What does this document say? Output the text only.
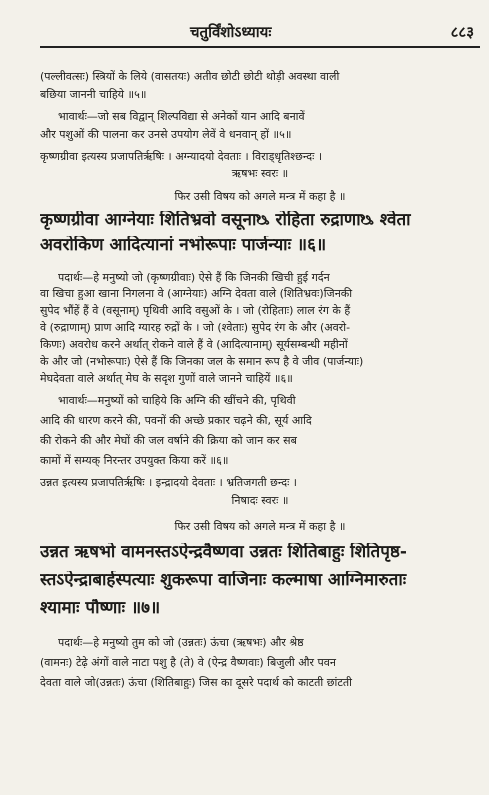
चतुर्विंशोऽध्यायः	८८३
(पल्लीवत्सः) स्त्रियों के लिये (वासतयः) अतीव छोटी छोटी थोड़ी अवस्था वाली
बछिया जाननी चाहिये ॥५॥
भावार्थः—जो सब विद्वान् शिल्पविद्या से अनेकों यान आदि बनावें
और पशुओं की पालना कर उनसे उपयोग लेवें वे धनवान् हों ॥५॥
कृष्णग्रीवा इत्यस्य प्रजापतिर्ऋषिः । अग्न्यादयो देवताः । विराड्धृतिश्छन्दः ।
ऋषभः स्वरः ॥
फिर उसी विषय को अगले मन्त्र में कहा है ॥
कृष्णग्रीवा आग्नेयाः शितिभ्रवो वसूनाᳬ रोहिता रुद्राणाᳬ श्वेता
अवरोकिण आदित्यानां नभोरूपाः पार्जन्याः ॥६॥
पदार्थः—हे मनुष्यो जो (कृष्णग्रीवाः) ऐसे हैं कि जिनकी खिची हुई गर्दन
वा खिचा हुआ खाना निगलना वे (आग्नेयाः) अग्नि देवता वाले (शितिभ्रवः)जिनकी
सुपेद भौंहें हैं वे (वसूनाम्) पृथिवी आदि वसुओं के । जो (रोहिताः) लाल रंग के हैं
वे (रुद्राणाम्) प्राण आदि ग्यारह रुद्रों के । जो (श्वेताः) सुपेद रंग के और (अवरो-
किणः) अवरोध करने अर्थात् रोकने वाले हैं वे (आदित्यानाम्) सूर्यसम्बन्धी महीनों
के और जो (नभोरूपाः) ऐसे हैं कि जिनका जल के समान रूप है वे जीव (पार्जन्याः)
मेघदेवता वाले अर्थात् मेघ के सदृश गुणों वाले जानने चाहियें ॥६॥
भावार्थः—मनुष्यों को चाहिये कि अग्नि की खींचने की, पृथिवी
आदि की धारण करने की, पवनों की अच्छे प्रकार चढ़ने की, सूर्य आदि
की रोकने की और मेघों की जल वर्षाने की क्रिया को जान कर सब
कामों में सम्यक् निरन्तर उपयुक्त किया करें ॥६॥
उन्नत इत्यस्य प्रजापतिर्ऋषिः । इन्द्रादयो देवताः । भ्रतिजगती छन्दः ।
निषादः स्वरः ॥
फिर उसी विषय को अगले मन्त्र में कहा है ॥
उन्नत ऋषभो वामनस्तऽऐन्द्रवैष्णवा उन्नतः शितिबाहुः शितिपृष्ठ-
स्तऽऐन्द्राबार्हस्पत्याः शुकरूपा वाजिनाः कल्माषा आग्निमारुताः
श्यामाः पौष्णाः ॥७॥
पदार्थः—हे मनुष्यो तुम को जो (उन्नतः) ऊंचा (ऋषभः) और श्रेष्ठ
(वामनः) टेढ़े अंगों वाले नाटा पशु है (ते) वे (ऐन्द्र वैष्णवाः) बिजुली और पवन
देवता वाले जो(उन्नतः) ऊंचा (शितिबाहुः) जिस का दूसरे पदार्थ को काटती छांटती
